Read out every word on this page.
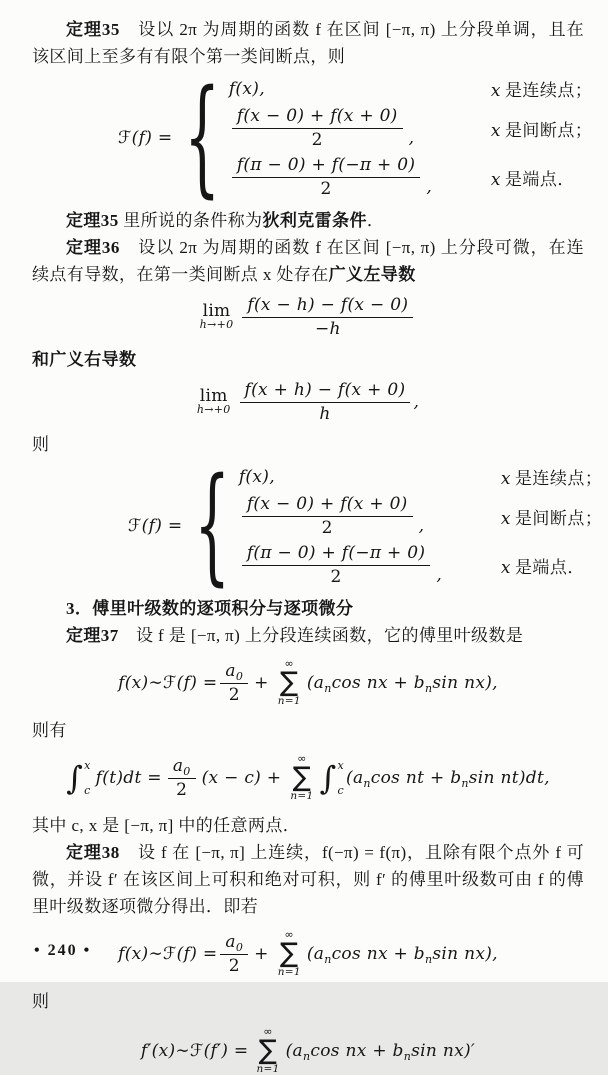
定理35　设以 2π 为周期的函数 f 在区间 [−π, π) 上分段单调，且在该区间上至多有有限个第一类间断点，则

ℱ(f) = { f(x),	x 是连续点；
$\frac{f(x - 0) + f(x + 0)}{2}$ ,	x 是间断点；
$\frac{f(\pi - 0) + f(-\pi + 0)}{2}$ ,	x 是端点．

定理35 里所说的条件称为狄利克雷条件．

定理36　设以 2π 为周期的函数 f 在区间 [−π, π) 上分段可微，在连续点有导数，在第一类间断点 x 处存在广义左导数

lim
$h\to+0 \frac{f(x - h) - f(x - 0)}{-h}$

和广义右导数

lim
$h\to+0 \frac{f(x + h) - f(x + 0)}{h}$ ,

则

ℱ(f) = { f(x),	x 是连续点；
$\frac{f(x - 0) + f(x + 0)}{2}$ ,	x 是间断点；
$\frac{f(\pi - 0) + f(-\pi + 0)}{2}$ ,	x 是端点．

3．傅里叶级数的逐项积分与逐项微分

定理37　设 f 是 [−π, π) 上分段连续函数，它的傅里叶级数是

f(x)∼ℱ(f) = $\frac{a_0}{2}$ +
∞
∑
n=1
($a_n\cos$ nx + $b_n\sin$ nx),

则有

∫ x
c
$f(t)dt = \frac{a_0}{2} (x - c)$ +
∞
∑
n=1 ∫ x
c
($a_n\cos$ nt + $b_n\sin$ nt)dt,

其中 c, x 是 [−π, π] 中的任意两点．

定理38　设 f 在 [−π, π] 上连续，f(−π) = f(π)，且除有限个点外 f 可微，并设 f′ 在该区间上可积和绝对可积，则 f′ 的傅里叶级数可由 f 的傅里叶级数逐项微分得出．即若

f(x)∼ℱ(f) = $\frac{a_0}{2}$ +
∞
∑
n=1
($a_n\cos$ nx + $b_n\sin$ nx),

则

f′(x)∼ℱ(f′) =
∞
∑
n=1
($a_n\cos$ nx + $b_n\sin$ nx)′
• 240 •
